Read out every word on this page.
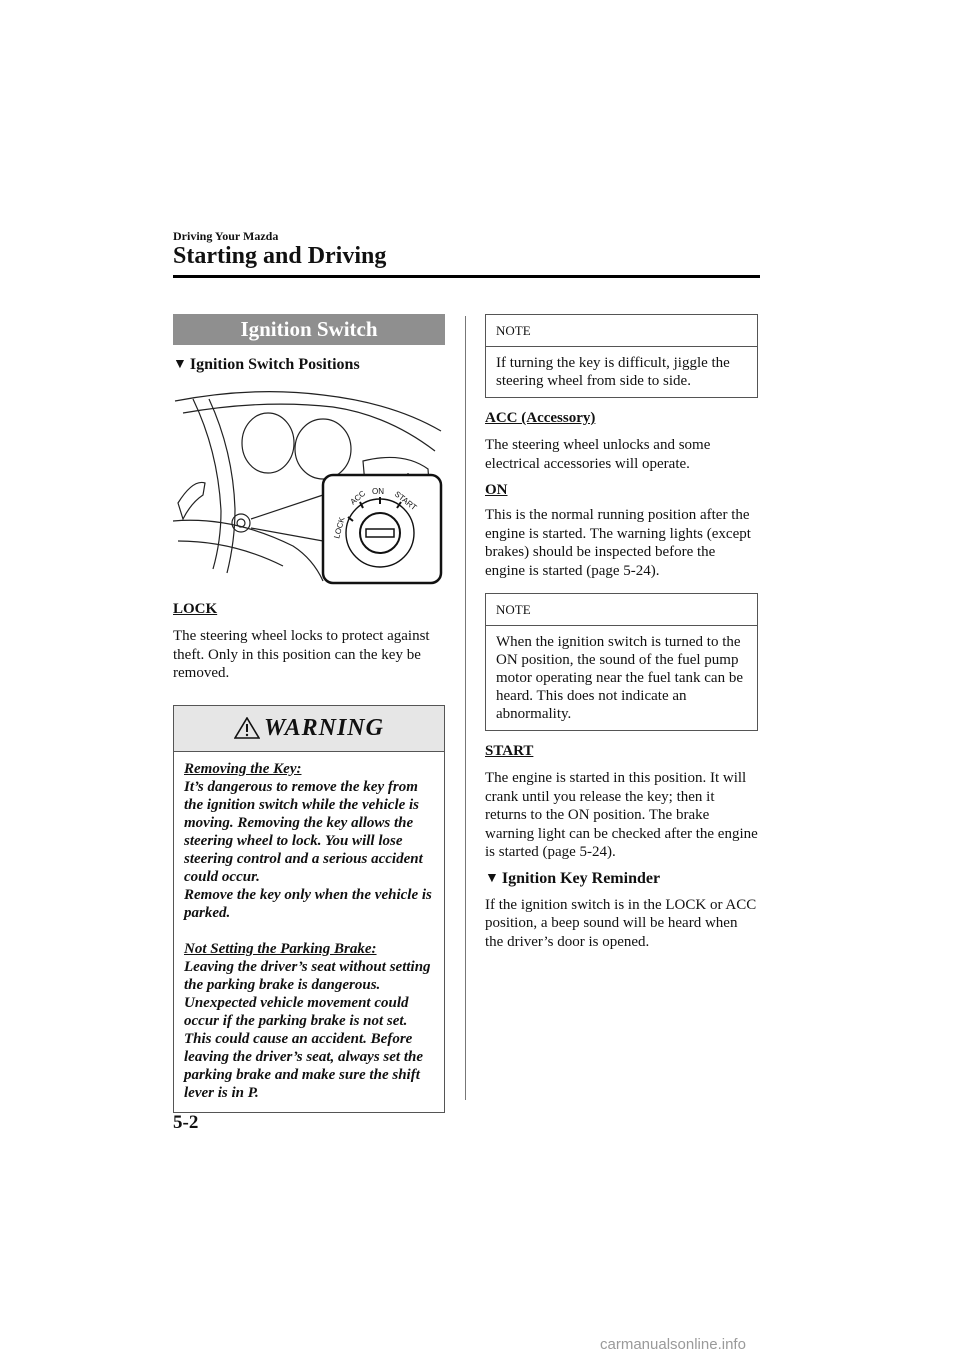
Driving Your Mazda
Starting and Driving
Ignition Switch
▼ Ignition Switch Positions
LOCK
ACC ON START
LOCK
The steering wheel locks to protect against theft. Only in this position can the key be removed.
WARNING
Removing the Key:
It’s dangerous to remove the key from the ignition switch while the vehicle is moving. Removing the key allows the steering wheel to lock. You will lose steering control and a serious accident could occur.
Remove the key only when the vehicle is parked.
Not Setting the Parking Brake:
Leaving the driver’s seat without setting the parking brake is dangerous. Unexpected vehicle movement could occur if the parking brake is not set. This could cause an accident. Before leaving the driver’s seat, always set the parking brake and make sure the shift lever is in P.
NOTE
If turning the key is difficult, jiggle the steering wheel from side to side.
ACC (Accessory)
The steering wheel unlocks and some electrical accessories will operate.
ON
This is the normal running position after the engine is started. The warning lights (except brakes) should be inspected before the engine is started (page 5-24).
NOTE
When the ignition switch is turned to the ON position, the sound of the fuel pump motor operating near the fuel tank can be heard. This does not indicate an abnormality.
START
The engine is started in this position. It will crank until you release the key; then it returns to the ON position. The brake warning light can be checked after the engine is started (page 5-24).
▼ Ignition Key Reminder
If the ignition switch is in the LOCK or ACC position, a beep sound will be heard when the driver’s door is opened.
5-2
carmanualsonline.info
